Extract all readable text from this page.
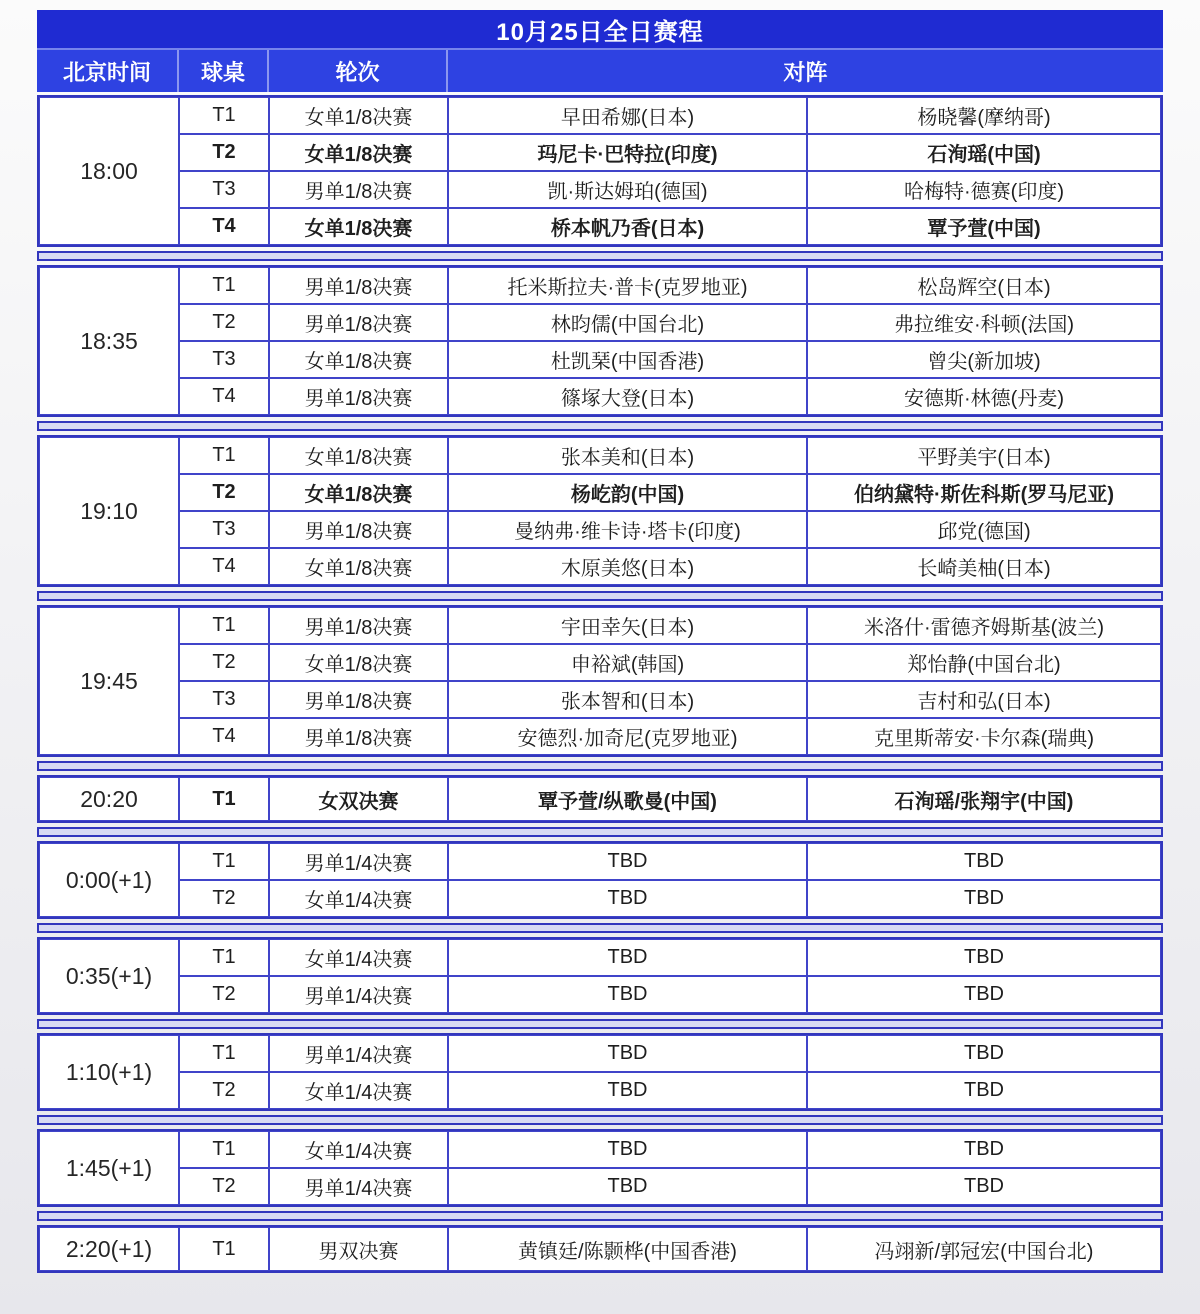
10月25日全日赛程
北京时间	球桌	轮次	对阵
18:00
T1	女单1/8决赛	早田希娜(日本)	杨晓馨(摩纳哥)
T2	女单1/8决赛	玛尼卡·巴特拉(印度)	石洵瑶(中国)
T3	男单1/8决赛	凯·斯达姆珀(德国)	哈梅特·德赛(印度)
T4	女单1/8决赛	桥本帆乃香(日本)	覃予萱(中国)
18:35
T1	男单1/8决赛	托米斯拉夫·普卡(克罗地亚)	松岛辉空(日本)
T2	男单1/8决赛	林昀儒(中国台北)	弗拉维安·科顿(法国)
T3	女单1/8决赛	杜凯琹(中国香港)	曾尖(新加坡)
T4	男单1/8决赛	篠塚大登(日本)	安德斯·林德(丹麦)
19:10
T1	女单1/8决赛	张本美和(日本)	平野美宇(日本)
T2	女单1/8决赛	杨屹韵(中国)	伯纳黛特·斯佐科斯(罗马尼亚)
T3	男单1/8决赛	曼纳弗·维卡诗·塔卡(印度)	邱党(德国)
T4	女单1/8决赛	木原美悠(日本)	长崎美柚(日本)
19:45
T1	男单1/8决赛	宇田幸矢(日本)	米洛什·雷德齐姆斯基(波兰)
T2	女单1/8决赛	申裕斌(韩国)	郑怡静(中国台北)
T3	男单1/8决赛	张本智和(日本)	吉村和弘(日本)
T4	男单1/8决赛	安德烈·加奇尼(克罗地亚)	克里斯蒂安·卡尔森(瑞典)
20:20	T1	女双决赛	覃予萱/纵歌曼(中国)	石洵瑶/张翔宇(中国)
0:00(+1)
T1	男单1/4决赛	TBD	TBD
T2	女单1/4决赛	TBD	TBD
0:35(+1)
T1	女单1/4决赛	TBD	TBD
T2	男单1/4决赛	TBD	TBD
1:10(+1)
T1	男单1/4决赛	TBD	TBD
T2	女单1/4决赛	TBD	TBD
1:45(+1)
T1	女单1/4决赛	TBD	TBD
T2	男单1/4决赛	TBD	TBD
2:20(+1)	T1	男双决赛	黄镇廷/陈颢桦(中国香港)	冯翊新/郭冠宏(中国台北)
